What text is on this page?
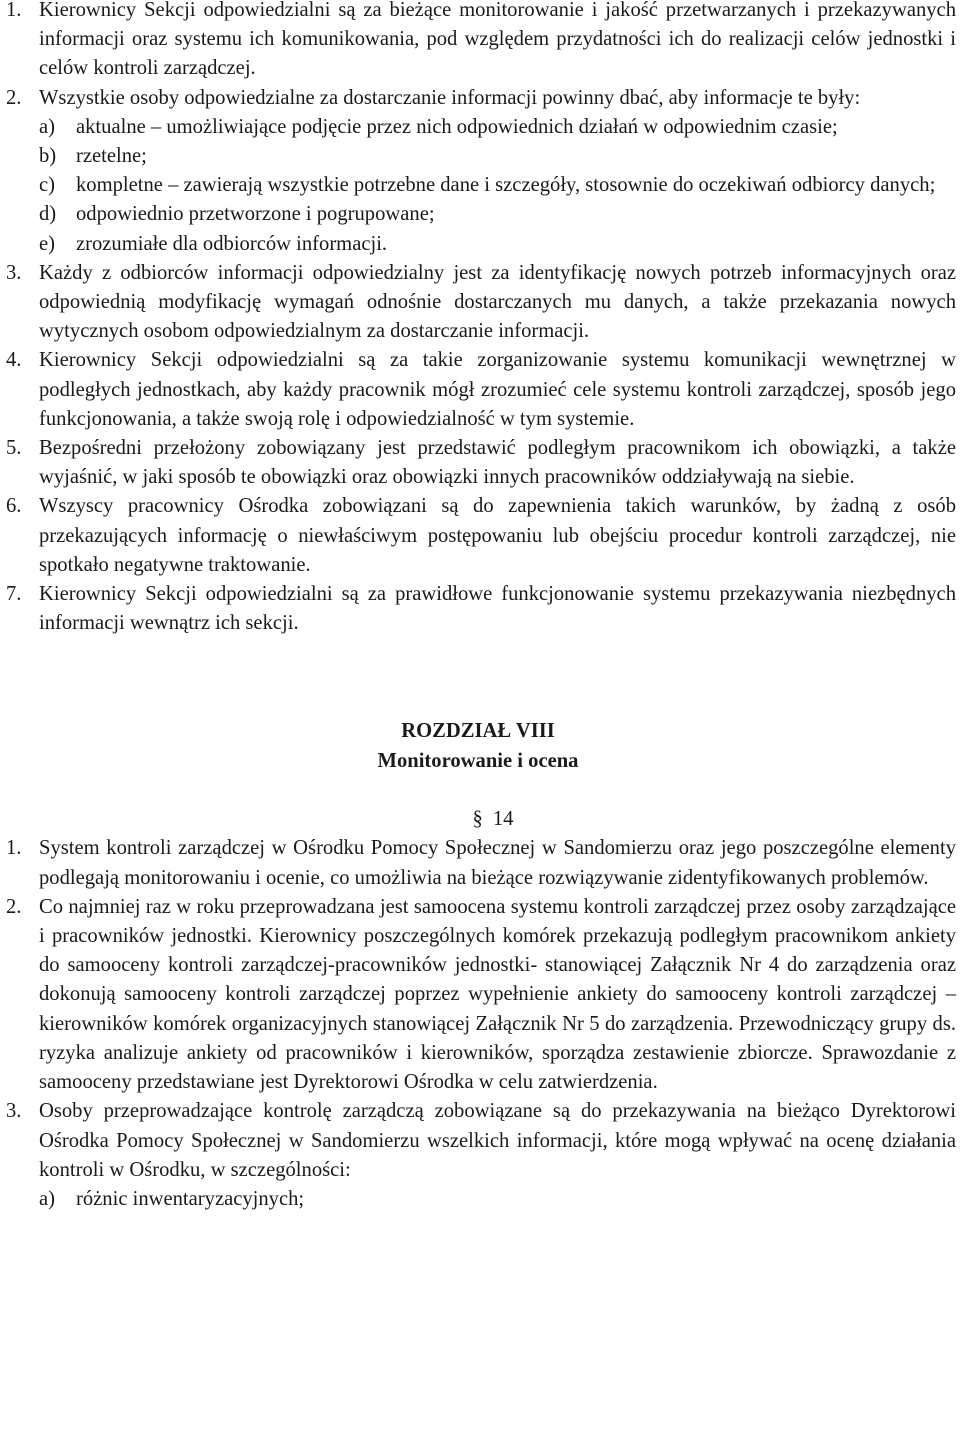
1. Kierownicy Sekcji odpowiedzialni są za bieżące monitorowanie i jakość przetwarzanych i przekazywanych informacji oraz systemu ich komunikowania, pod względem przydatności ich do realizacji celów jednostki i celów kontroli zarządczej.

2. Wszystkie osoby odpowiedzialne za dostarczanie informacji powinny dbać, aby informacje te były:
a) aktualne – umożliwiające podjęcie przez nich odpowiednich działań w odpowiednim czasie;
b) rzetelne;
c) kompletne – zawierają wszystkie potrzebne dane i szczegóły, stosownie do oczekiwań odbiorcy danych;
d) odpowiednio przetworzone i pogrupowane;
e) zrozumiałe dla odbiorców informacji.

3. Każdy z odbiorców informacji odpowiedzialny jest za identyfikację nowych potrzeb informacyjnych oraz odpowiednią modyfikację wymagań odnośnie dostarczanych mu danych, a także przekazania nowych wytycznych osobom odpowiedzialnym za dostarczanie informacji.

4. Kierownicy Sekcji odpowiedzialni są za takie zorganizowanie systemu komunikacji wewnętrznej w podległych jednostkach, aby każdy pracownik mógł zrozumieć cele systemu kontroli zarządczej, sposób jego funkcjonowania, a także swoją rolę i odpowiedzialność w tym systemie.

5. Bezpośredni przełożony zobowiązany jest przedstawić podległym pracownikom ich obowiązki, a także wyjaśnić, w jaki sposób te obowiązki oraz obowiązki innych pracowników oddziaływają na siebie.

6. Wszyscy pracownicy Ośrodka zobowiązani są do zapewnienia takich warunków, by żadną z osób przekazujących informację o niewłaściwym postępowaniu lub obejściu procedur kontroli zarządczej, nie spotkało negatywne traktowanie.

7. Kierownicy Sekcji odpowiedzialni są za prawidłowe funkcjonowanie systemu przekazywania niezbędnych informacji wewnątrz ich sekcji.

ROZDZIAŁ VIII
Monitorowanie i ocena

§ 14

1. System kontroli zarządczej w Ośrodku Pomocy Społecznej w Sandomierzu oraz jego poszczególne elementy podlegają monitorowaniu i ocenie, co umożliwia na bieżące rozwiązywanie zidentyfikowanych problemów.

2. Co najmniej raz w roku przeprowadzana jest samoocena systemu kontroli zarządczej przez osoby zarządzające i pracowników jednostki. Kierownicy poszczególnych komórek przekazują podległym pracownikom ankiety do samooceny kontroli zarządczej-pracowników jednostki- stanowiącej Załącznik Nr 4 do zarządzenia oraz dokonują samooceny kontroli zarządczej poprzez wypełnienie ankiety do samooceny kontroli zarządczej – kierowników komórek organizacyjnych stanowiącej Załącznik Nr 5 do zarządzenia. Przewodniczący grupy ds. ryzyka analizuje ankiety od pracowników i kierowników, sporządza zestawienie zbiorcze. Sprawozdanie z samooceny przedstawiane jest Dyrektorowi Ośrodka w celu zatwierdzenia.

3. Osoby przeprowadzające kontrolę zarządczą zobowiązane są do przekazywania na bieżąco Dyrektorowi Ośrodka Pomocy Społecznej w Sandomierzu wszelkich informacji, które mogą wpływać na ocenę działania kontroli w Ośrodku, w szczególności:
a) różnic inwentaryzacyjnych;
